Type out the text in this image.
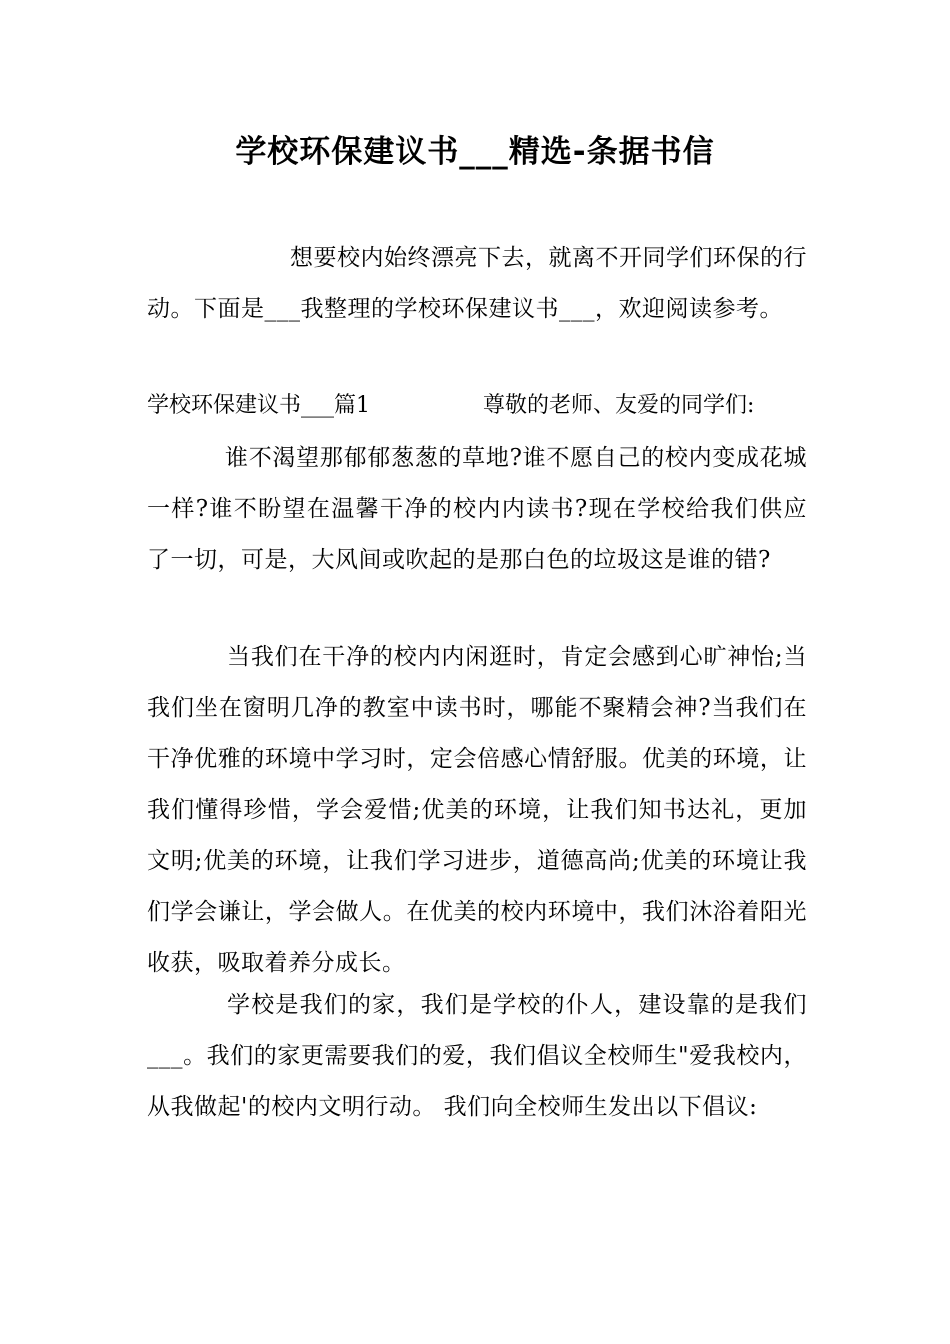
学校环保建议书___精选-条据书信

想要校内始终漂亮下去，就离不开同学们环保的行动。下面是___我整理的学校环保建议书___，欢迎阅读参考。

学校环保建议书___篇1	尊敬的老师、友爱的同学们:

谁不渴望那郁郁葱葱的草地?谁不愿自己的校内变成花城一样?谁不盼望在温馨干净的校内内读书?现在学校给我们供应了一切，可是，大风间或吹起的是那白色的垃圾这是谁的错?

当我们在干净的校内内闲逛时，肯定会感到心旷神怡;当我们坐在窗明几净的教室中读书时，哪能不聚精会神?当我们在干净优雅的环境中学习时，定会倍感心情舒服。优美的环境，让我们懂得珍惜，学会爱惜;优美的环境，让我们知书达礼，更加文明;优美的环境，让我们学习进步，道德高尚;优美的环境让我们学会谦让，学会做人。在优美的校内环境中，我们沐浴着阳光收获，吸取着养分成长。

学校是我们的家，我们是学校的仆人，建设靠的是我们___。我们的家更需要我们的爱，我们倡议全校师生"爱我校内，从我做起'的校内文明行动。 我们向全校师生发出以下倡议:
